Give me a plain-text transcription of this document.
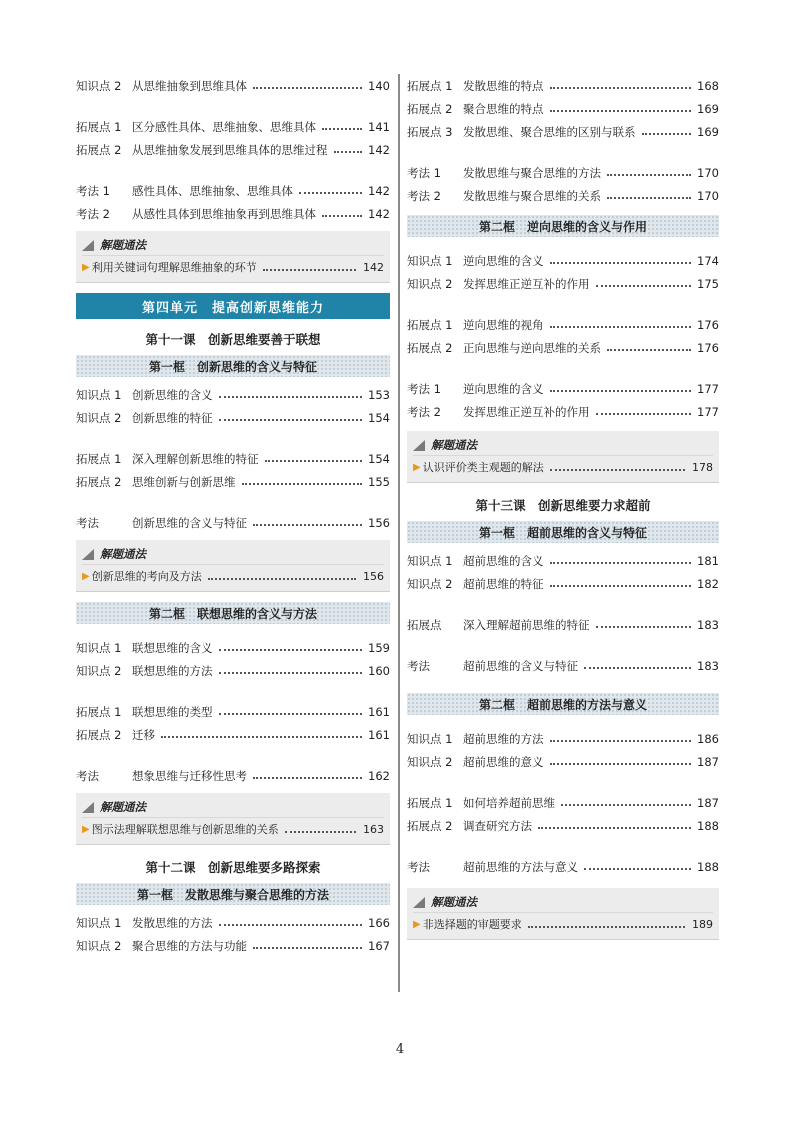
知识点 2 从思维抽象到思维具体	140
拓展点 1 区分感性具体、思维抽象、思维具体	141
拓展点 2 从思维抽象发展到思维具体的思维过程	142
考法 1	感性具体、思维抽象、思维具体	142
考法 2	从感性具体到思维抽象再到思维具体	142
解题通法
▶ 利用关键词句理解思维抽象的环节	142
第四单元　提高创新思维能力
第十一课　创新思维要善于联想
第一框　创新思维的含义与特征
知识点 1 创新思维的含义	153
知识点 2 创新思维的特征	154
拓展点 1 深入理解创新思维的特征	154
拓展点 2 思维创新与创新思维	155
考法	创新思维的含义与特征	156
解题通法
▶ 创新思维的考向及方法	156
第二框　联想思维的含义与方法
知识点 1 联想思维的含义	159
知识点 2 联想思维的方法	160
拓展点 1 联想思维的类型	161
拓展点 2 迁移	161
考法	想象思维与迁移性思考	162
解题通法
▶ 图示法理解联想思维与创新思维的关系	163
第十二课　创新思维要多路探索
第一框　发散思维与聚合思维的方法
知识点 1 发散思维的方法	166
知识点 2 聚合思维的方法与功能	167
拓展点 1 发散思维的特点	168
拓展点 2 聚合思维的特点	169
拓展点 3 发散思维、聚合思维的区别与联系	169
考法 1	发散思维与聚合思维的方法	170
考法 2	发散思维与聚合思维的关系	170
第二框　逆向思维的含义与作用
知识点 1 逆向思维的含义	174
知识点 2 发挥思维正逆互补的作用	175
拓展点 1 逆向思维的视角	176
拓展点 2 正向思维与逆向思维的关系	176
考法 1	逆向思维的含义	177
考法 2	发挥思维正逆互补的作用	177
解题通法
▶ 认识评价类主观题的解法	178
第十三课　创新思维要力求超前
第一框　超前思维的含义与特征
知识点 1 超前思维的含义	181
知识点 2 超前思维的特征	182
拓展点	深入理解超前思维的特征	183
考法	超前思维的含义与特征	183
第二框　超前思维的方法与意义
知识点 1 超前思维的方法	186
知识点 2 超前思维的意义	187
拓展点 1 如何培养超前思维	187
拓展点 2 调查研究方法	188
考法	超前思维的方法与意义	188
解题通法
▶ 非选择题的审题要求	189
4
